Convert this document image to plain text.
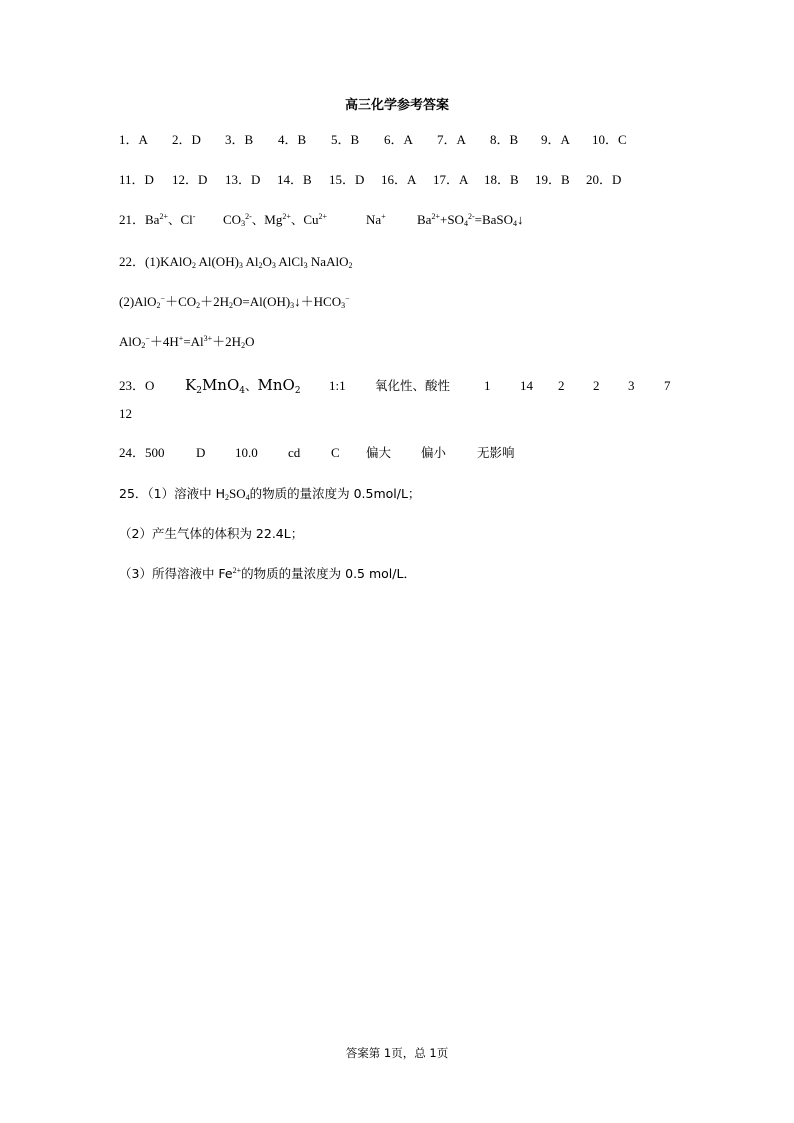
高三化学参考答案
1．A 2．D 3．B 4．B 5．B 6．A 7．A 8．B 9．A 10．C
11．D 12．D 13．D 14．B 15．D 16．A 17．A 18．B 19．B 20．D
21．$Ba^{2+}$、Cl- $CO_3^{2-}$、$Mg^{2+}$、$Cu^{2+}$	Na+ $Ba^{2+}+SO_4^{2-}=BaSO_4↓$
22．(1)KAlO$_2$ $Al(OH)_3$ $Al_2O_3$ AlCl$_3$ NaAlO$_2$
$(2)AlO_2^-+CO_2+2H_2O=Al(OH)_3↓+HCO_3^-$
$AlO_2^-+4H^+=Al^{3+}+2H_2O$
23．O $K_2MnO_4$、MnO$_2$ 1:1 氧化性、酸性	1 14 2 2 3 7
12
24．500 D 10.0 cd C 偏大 偏小 无影响
25．（1）溶液中 $H_2SO_4$的物质的量浓度为 0.5mol/L；
（2）产生气体的体积为 22.4L；
（3）所得溶液中 $Fe^{2+}$的物质的量浓度为 0.5 mol/L．
答案第 1页，总 1页
